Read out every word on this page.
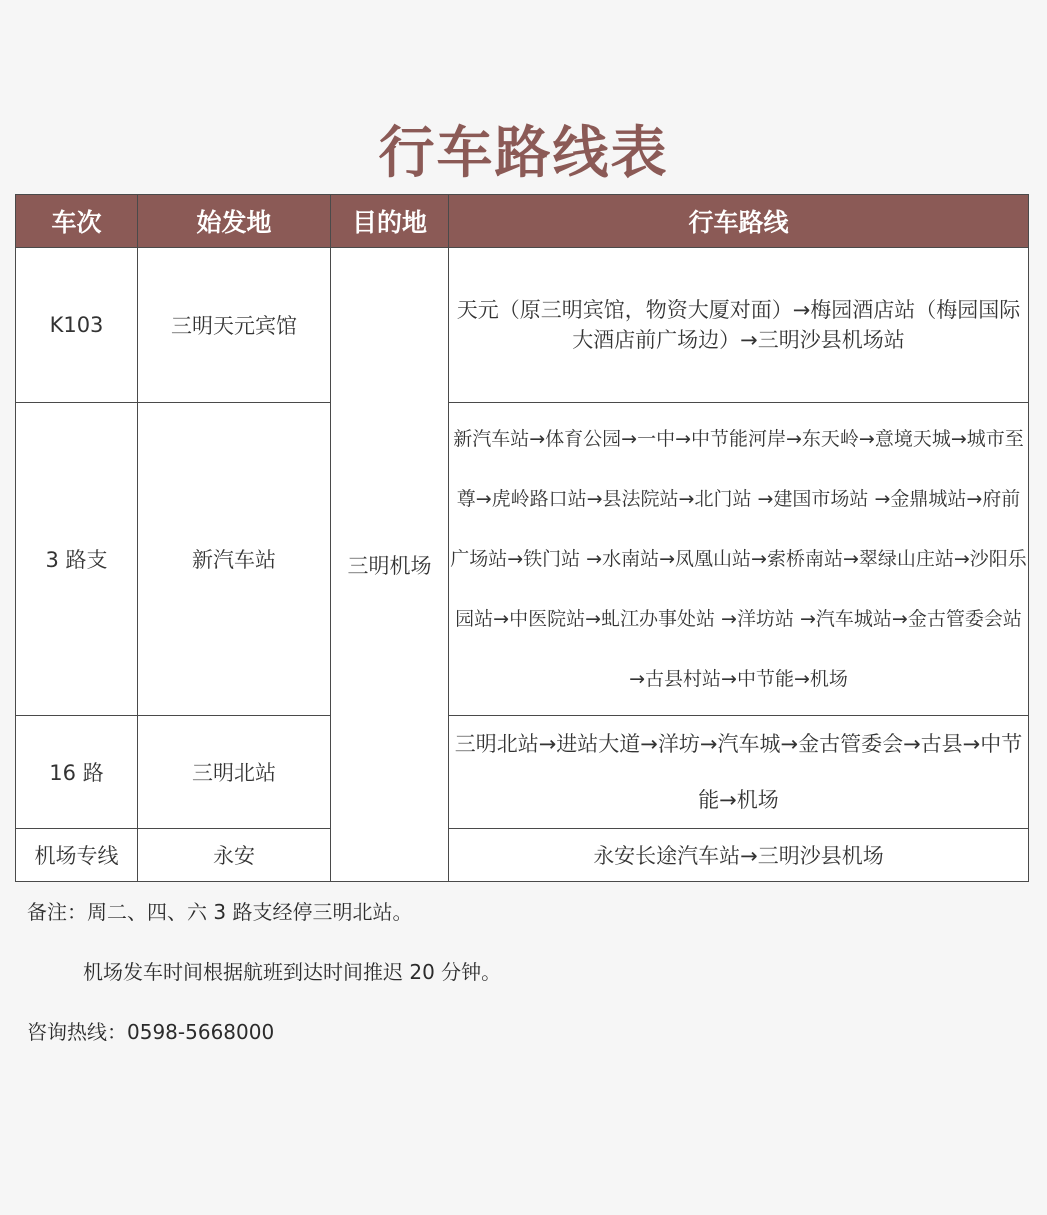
行车路线表
车次	始发地	目的地	行车路线
K103	三明天元宾馆	三明机场	天元（原三明宾馆，物资大厦对面）→梅园酒店站（梅园国际大酒店前广场边）→三明沙县机场站

3 路支	新汽车站		新汽车站→体育公园→一中→中节能河岸→东天岭→意境天城→城市至尊→虎岭路口站→县法院站→北门站 →建国市场站 →金鼎城站→府前广场站→铁门站 →水南站→凤凰山站→索桥南站→翠绿山庄站→沙阳乐园站→中医院站→虬江办事处站 →洋坊站 →汽车城站→金古管委会站→古县村站→中节能→机场

16 路	三明北站		三明北站→进站大道→洋坊→汽车城→金古管委会→古县→中节能→机场

机场专线	永安		永安长途汽车站→三明沙县机场
备注：周二、四、六 3 路支经停三明北站。
机场发车时间根据航班到达时间推迟 20 分钟。
咨询热线：0598-5668000
